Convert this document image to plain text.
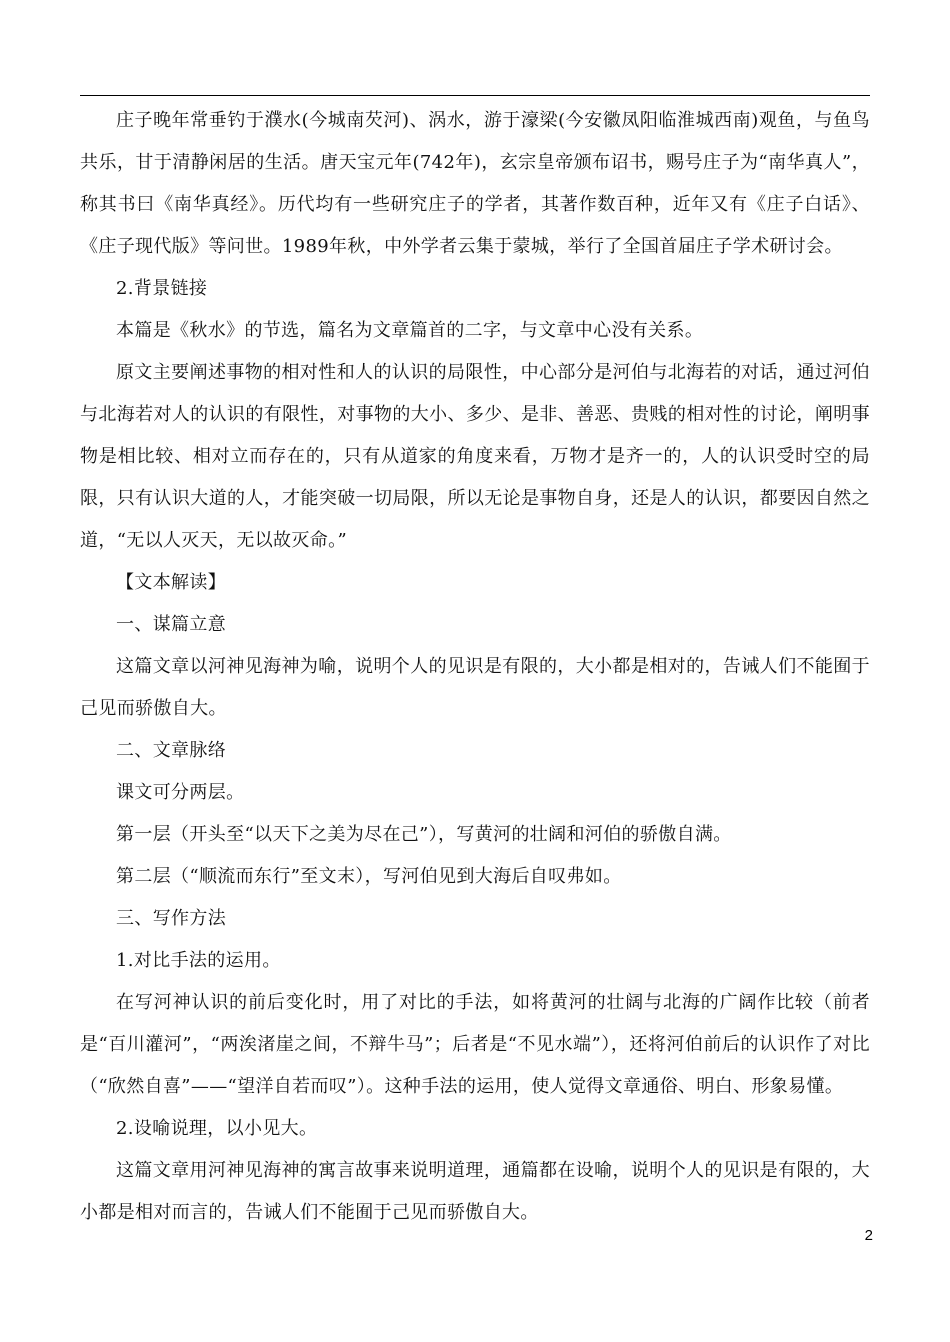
庄子晚年常垂钓于濮水(今城南芡河)、涡水，游于濠梁(今安徽凤阳临淮城西南)观鱼，与鱼鸟共乐，甘于清静闲居的生活。唐天宝元年(742年)，玄宗皇帝颁布诏书，赐号庄子为“南华真人”，称其书曰《南华真经》。历代均有一些研究庄子的学者，其著作数百种，近年又有《庄子白话》、《庄子现代版》等问世。1989年秋，中外学者云集于蒙城，举行了全国首届庄子学术研讨会。

2.背景链接

本篇是《秋水》的节选，篇名为文章篇首的二字，与文章中心没有关系。

原文主要阐述事物的相对性和人的认识的局限性，中心部分是河伯与北海若的对话，通过河伯与北海若对人的认识的有限性，对事物的大小、多少、是非、善恶、贵贱的相对性的讨论，阐明事物是相比较、相对立而存在的，只有从道家的角度来看，万物才是齐一的，人的认识受时空的局限，只有认识大道的人，才能突破一切局限，所以无论是事物自身，还是人的认识，都要因自然之道，“无以人灭天，无以故灭命。”

【文本解读】

一、谋篇立意

这篇文章以河神见海神为喻，说明个人的见识是有限的，大小都是相对的，告诫人们不能囿于己见而骄傲自大。

二、文章脉络

课文可分两层。

第一层（开头至“以天下之美为尽在己”），写黄河的壮阔和河伯的骄傲自满。

第二层（“顺流而东行”至文末），写河伯见到大海后自叹弗如。

三、写作方法

1.对比手法的运用。

在写河神认识的前后变化时，用了对比的手法，如将黄河的壮阔与北海的广阔作比较（前者是“百川灌河”，“两涘渚崖之间，不辩牛马”；后者是“不见水端”），还将河伯前后的认识作了对比（“欣然自喜”——“望洋自若而叹”）。这种手法的运用，使人觉得文章通俗、明白、形象易懂。

2.设喻说理，以小见大。

这篇文章用河神见海神的寓言故事来说明道理，通篇都在设喻，说明个人的见识是有限的，大小都是相对而言的，告诫人们不能囿于己见而骄傲自大。

2
